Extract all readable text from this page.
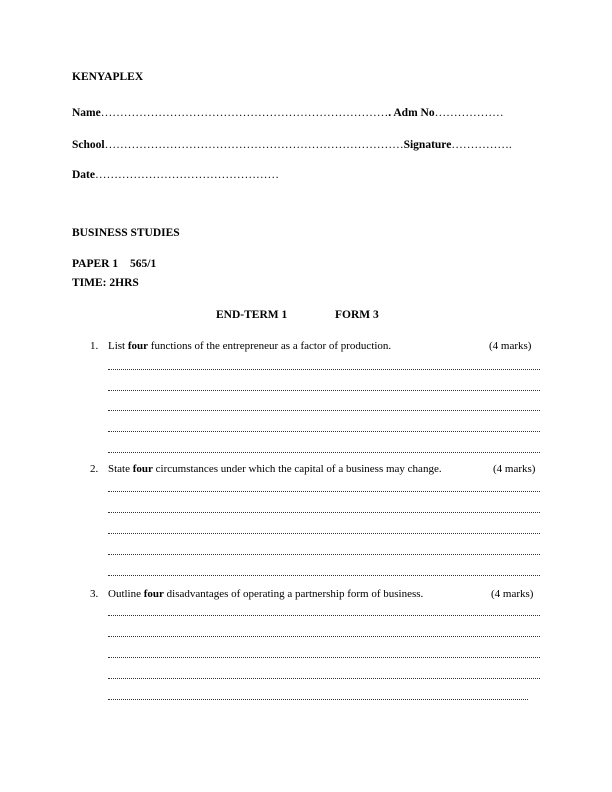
KENYAPLEX
Name…………………………………………………………………. Adm No………………
School……………………………………………………………………Signature…………….
Date…………………………………………
BUSINESS STUDIES
PAPER 1 565/1
TIME: 2HRS
END-TERM 1	FORM 3
1. List four functions of the entrepreneur as a factor of production.	(4 marks)
2. State four circumstances under which the capital of a business may change.	(4 marks)
3. Outline four disadvantages of operating a partnership form of business.	(4 marks)
